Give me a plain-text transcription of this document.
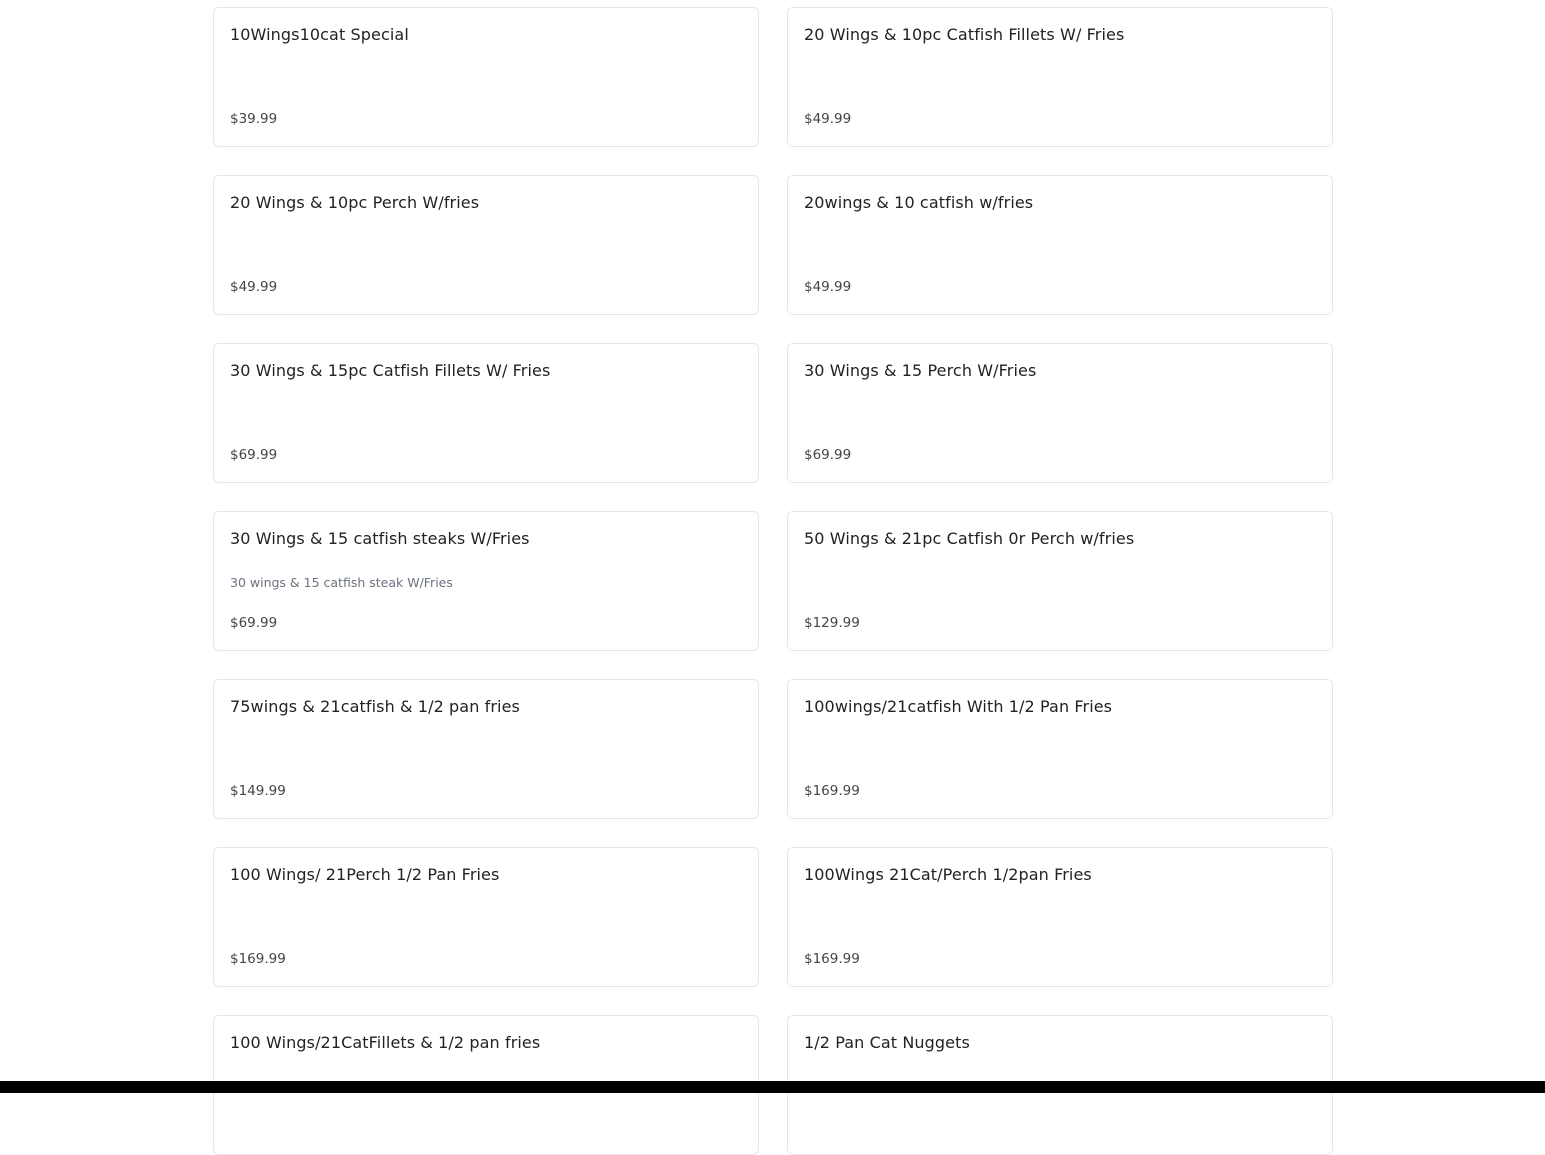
10Wings10cat Special
$39.99
20 Wings & 10pc Catfish Fillets W/ Fries
$49.99
20 Wings & 10pc Perch W/fries
$49.99
20wings & 10 catfish w/fries
$49.99
30 Wings & 15pc Catfish Fillets W/ Fries
$69.99
30 Wings & 15 Perch W/Fries
$69.99
30 Wings & 15 catfish steaks W/Fries
30 wings & 15 catfish steak W/Fries
$69.99
50 Wings & 21pc Catfish 0r Perch w/fries
$129.99
75wings & 21catfish & 1/2 pan fries
$149.99
100wings/21catfish With 1/2 Pan Fries
$169.99
100 Wings/ 21Perch 1/2 Pan Fries
$169.99
100Wings 21Cat/Perch 1/2pan Fries
$169.99
100 Wings/21CatFillets & 1/2 pan fries	1/2 Pan Cat Nuggets
